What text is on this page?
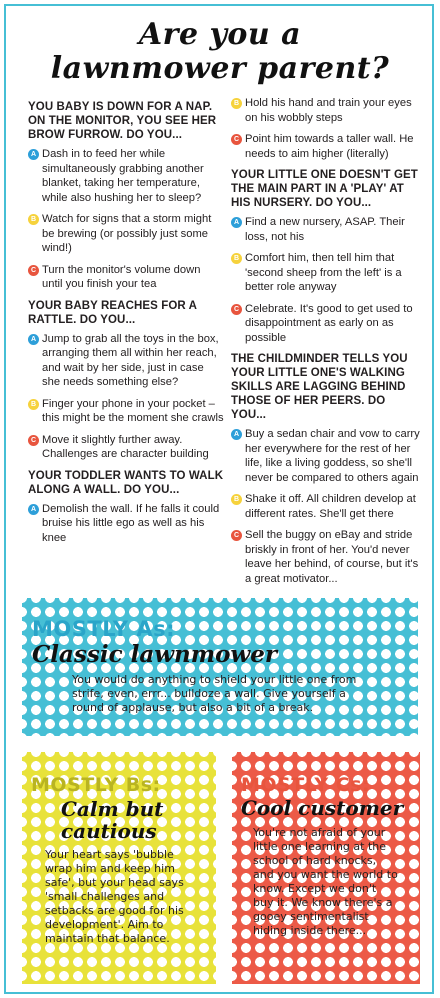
Are you a
lawnmower parent?
YOU BABY IS DOWN FOR A NAP. ON THE MONITOR, YOU SEE HER BROW FURROW. DO YOU...
A Dash in to feed her while simultaneously grabbing another blanket, taking her temperature, while also hushing her to sleep?
B Watch for signs that a storm might be brewing (or possibly just some wind!)
C Turn the monitor's volume down until you finish your tea
YOUR BABY REACHES FOR A RATTLE. DO YOU...
A Jump to grab all the toys in the box, arranging them all within her reach, and wait by her side, just in case she needs something else?
B Finger your phone in your pocket – this might be the moment she crawls
C Move it slightly further away. Challenges are character building
YOUR TODDLER WANTS TO WALK ALONG A WALL. DO YOU...
A Demolish the wall. If he falls it could bruise his little ego as well as his knee
B Hold his hand and train your eyes on his wobbly steps
C Point him towards a taller wall. He needs to aim higher (literally)
YOUR LITTLE ONE DOESN'T GET THE MAIN PART IN A 'PLAY' AT HIS NURSERY. DO YOU...
A Find a new nursery, ASAP. Their loss, not his
B Comfort him, then tell him that 'second sheep from the left' is a better role anyway
C Celebrate. It's good to get used to disappointment as early on as possible
THE CHILDMINDER TELLS YOU YOUR LITTLE ONE'S WALKING SKILLS ARE LAGGING BEHIND THOSE OF HER PEERS. DO YOU...
A Buy a sedan chair and vow to carry her everywhere for the rest of her life, like a living goddess, so she'll never be compared to others again
B Shake it off. All children develop at different rates. She'll get there
C Sell the buggy on eBay and stride briskly in front of her. You'd never leave her behind, of course, but it's a great motivator...
MOSTLY As:
Classic lawnmower
You would do anything to shield your little one from strife, even, errr... bulldoze a wall. Give yourself a round of applause, but also a bit of a break.
MOSTLY Bs:
Calm but cautious
Your heart says 'bubble wrap him and keep him safe', but your head says 'small challenges and setbacks are good for his development'. Aim to maintain that balance.
MOSTLY Cs:
Cool customer
You're not afraid of your little one learning at the school of hard knocks, and you want the world to know. Except we don't buy it. We know there's a gooey sentimentalist hiding inside there...
